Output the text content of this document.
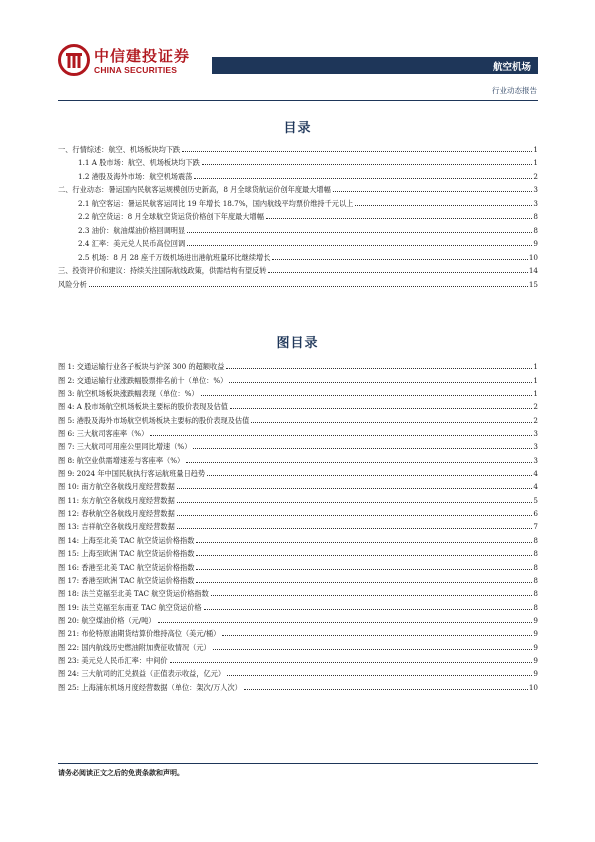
中信建投证券
CHINA SECURITIES	航空机场
行业动态报告
目录
一、行情综述：航空、机场板块均下跌	1
1.1 A 股市场：航空、机场板块均下跌	1
1.2 港股及海外市场：航空机场震荡	2
二、行业动态：暑运国内民航客运规模创历史新高，8 月全球货航运价创年度最大增幅	3
2.1 航空客运：暑运民航客运同比 19 年增长 18.7%，国内航线平均票价维持千元以上	3
2.2 航空货运：8 月全球航空货运货价格创下年度最大增幅	8
2.3 油价：航油煤油价格回调明显	8
2.4 汇率：美元兑人民币高位回调	9
2.5 机场：8 月 28 座千万级机场进出港航班量环比继续增长	10
三、投资评价和建议：持续关注国际航线政策，供需结构有望反转	14
风险分析	15
图目录
图 1: 交通运输行业各子板块与沪深 300 的超额收益	1
图 2: 交通运输行业涨跌幅股票排名前十（单位：%）	1
图 3: 航空机场板块涨跌幅表现（单位：%）	1
图 4: A 股市场航空机场板块主要标的股价表现及估值	2
图 5: 港股及海外市场航空机场板块主要标的股价表现及估值	2
图 6: 三大航司客座率（%）	3
图 7: 三大航司可用座公里同比增速（%）	3
图 8: 航空业供需增速差与客座率（%）	3
图 9: 2024 年中国民航执行客运航班量日趋势	4
图 10: 南方航空各航线月度经营数据	4
图 11: 东方航空各航线月度经营数据	5
图 12: 春秋航空各航线月度经营数据	6
图 13: 吉祥航空各航线月度经营数据	7
图 14: 上海至北美 TAC 航空货运价格指数	8
图 15: 上海至欧洲 TAC 航空货运价格指数	8
图 16: 香港至北美 TAC 航空货运价格指数	8
图 17: 香港至欧洲 TAC 航空货运价格指数	8
图 18: 法兰克福至北美 TAC 航空货运价格指数	8
图 19: 法兰克福至东南亚 TAC 航空货运价格	8
图 20: 航空煤油价格（元/吨）	9
图 21: 布伦特原油期货结算价维持高位（美元/桶）	9
图 22: 国内航线历史燃油附加费征收情况（元）	9
图 23: 美元兑人民币汇率：中间价	9
图 24: 三大航司的汇兑损益（正值表示收益，亿元）	9
图 25: 上海浦东机场月度经营数据（单位：架次/万人次）	10
请务必阅读正文之后的免责条款和声明。
